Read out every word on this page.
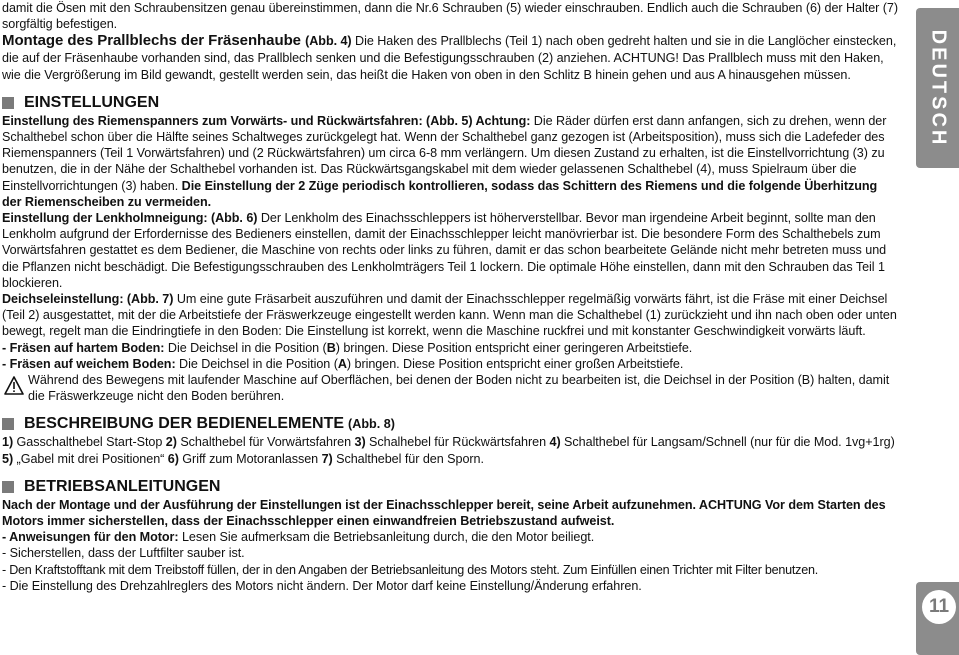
damit die Ösen mit den Schraubensitzen genau übereinstimmen, dann die Nr.6 Schrauben (5) wieder einschrauben. Endlich auch die Schrauben (6) der Halter (7) sorgfältig befestigen.

Montage des Prallblechs der Fräsenhaube (Abb. 4) Die Haken des Prallblechs (Teil 1) nach oben gedreht halten und sie in die Langlöcher einstecken, die auf der Fräsenhaube vorhanden sind, das Prallblech senken und die Befestigungsschrauben (2) anziehen. ACHTUNG! Das Prallblech muss mit den Haken, wie die Vergrößerung im Bild gewandt, gestellt werden sein, das heißt die Haken von oben in den Schlitz B hinein gehen und aus A hinausgehen müssen.

EINSTELLUNGEN

Einstellung des Riemenspanners zum Vorwärts- und Rückwärtsfahren: (Abb. 5) Achtung: Die Räder dürfen erst dann anfangen, sich zu drehen, wenn der Schalthebel schon über die Hälfte seines Schaltweges zurückgelegt hat. Wenn der Schalthebel ganz gezogen ist (Arbeitsposition), muss sich die Ladefeder des Riemenspanners (Teil 1 Vorwärtsfahren) und (2 Rückwärtsfahren) um circa 6-8 mm verlängern. Um diesen Zustand zu erhalten, ist die Einstellvorrichtung (3) zu benutzen, die in der Nähe der Schalthebel vorhanden ist. Das Rückwärtsgangskabel mit dem wieder gelassenen Schalthebel (4), muss Spielraum über die Einstellvorrichtungen (3) haben. Die Einstellung der 2 Züge periodisch kontrollieren, sodass das Schittern des Riemens und die folgende Überhitzung der Riemenscheiben zu vermeiden.

Einstellung der Lenkholmneigung: (Abb. 6) Der Lenkholm des Einachsschleppers ist höherverstellbar. Bevor man irgendeine Arbeit beginnt, sollte man den Lenkholm aufgrund der Erfordernisse des Bedieners einstellen, damit der Einachsschlepper leicht manövrierbar ist. Die besondere Form des Schalthebels zum Vorwärtsfahren gestattet es dem Bediener, die Maschine von rechts oder links zu führen, damit er das schon bearbeitete Gelände nicht mehr betreten muss und die Pflanzen nicht beschädigt. Die Befestigungsschrauben des Lenkholmträgers Teil 1 lockern. Die optimale Höhe einstellen, dann mit den Schrauben das Teil 1 blockieren.

Deichseleinstellung: (Abb. 7) Um eine gute Fräsarbeit auszuführen und damit der Einachsschlepper regelmäßig vorwärts fährt, ist die Fräse mit einer Deichsel (Teil 2) ausgestattet, mit der die Arbeitstiefe der Fräswerkzeuge eingestellt werden kann. Wenn man die Schalthebel (1) zurückzieht und ihn nach oben oder unten bewegt, regelt man die Eindringtiefe in den Boden: Die Einstellung ist korrekt, wenn die Maschine ruckfrei und mit konstanter Geschwindigkeit vorwärts läuft.

- Fräsen auf hartem Boden: Die Deichsel in die Position (B) bringen. Diese Position entspricht einer geringeren Arbeitstiefe.

- Fräsen auf weichem Boden: Die Deichsel in die Position (A) bringen. Diese Position entspricht einer großen Arbeitstiefe.

Während des Bewegens mit laufender Maschine auf Oberflächen, bei denen der Boden nicht zu bearbeiten ist, die Deichsel in der Position (B) halten, damit die Fräswerkzeuge nicht den Boden berühren.

BESCHREIBUNG DER BEDIENELEMENTE (Abb. 8)

1) Gasschalthebel Start-Stop 2) Schalthebel für Vorwärtsfahren 3) Schalhebel für Rückwärtsfahren 4) Schalthebel für Langsam/Schnell (nur für die Mod. 1vg+1rg) 5) „Gabel mit drei Positionen“ 6) Griff zum Motoranlassen 7) Schalthebel für den Sporn.

BETRIEBSANLEITUNGEN

Nach der Montage und der Ausführung der Einstellungen ist der Einachsschlepper bereit, seine Arbeit aufzunehmen. ACHTUNG Vor dem Starten des Motors immer sicherstellen, dass der Einachsschlepper einen einwandfreien Betriebszustand aufweist.

- Anweisungen für den Motor: Lesen Sie aufmerksam die Betriebsanleitung durch, die den Motor beiliegt.

- Sicherstellen, dass der Luftfilter sauber ist.

- Den Kraftstofftank mit dem Treibstoff füllen, der in den Angaben der Betriebsanleitung des Motors steht. Zum Einfüllen einen Trichter mit Filter benutzen.

- Die Einstellung des Drehzahlreglers des Motors nicht ändern. Der Motor darf keine Einstellung/Änderung erfahren.

DEUTSCH
11
